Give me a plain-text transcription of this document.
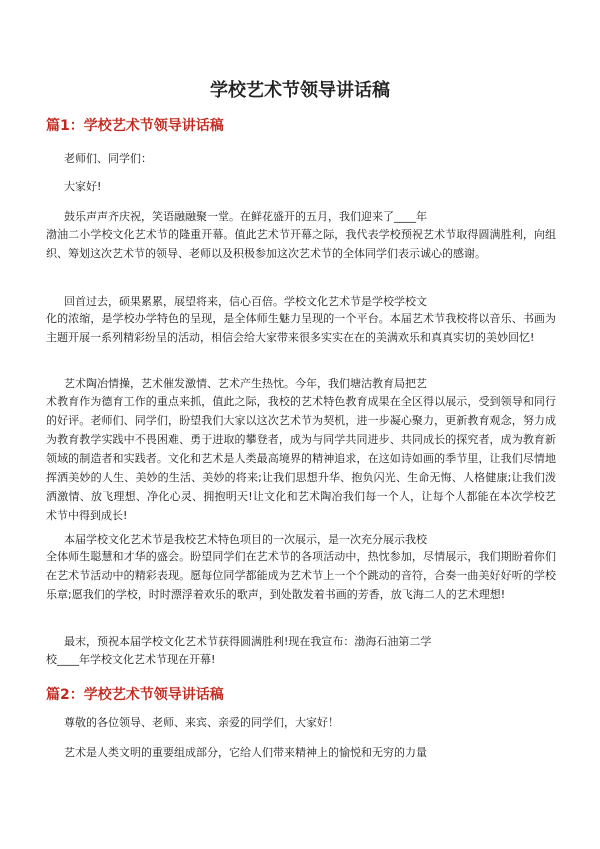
学校艺术节领导讲话稿
篇1：学校艺术节领导讲话稿

老师们、同学们：

大家好!

鼓乐声声齐庆祝，笑语融融聚一堂。在鲜花盛开的五月，我们迎来了____年

渤油二小学校文化艺术节的隆重开幕。值此艺术节开幕之际，我代表学校预祝艺术节取得圆满胜利，向组织、筹划这次艺术节的领导、老师以及积极参加这次艺术节的全体同学们表示诚心的感谢。

回首过去，硕果累累，展望将来，信心百倍。学校文化艺术节是学校学校文

化的浓缩，是学校办学特色的呈现，是全体师生魅力呈现的一个平台。本届艺术节我校将以音乐、书画为主题开展一系列精彩纷呈的活动，相信会给大家带来很多实实在在的美满欢乐和真真实切的美妙回忆!

艺术陶冶情操，艺术催发激情、艺术产生热忱。今年，我们塘沽教育局把艺

术教育作为德育工作的重点来抓，值此之际，我校的艺术特色教育成果在全区得以展示，受到领导和同行的好评。老师们、同学们，盼望我们大家以这次艺术节为契机，进一步凝心聚力，更新教育观念，努力成为教育教学实践中不畏困难、勇于进取的攀登者，成为与同学共同进步、共同成长的探究者，成为教育新领域的制造者和实践者。文化和艺术是人类最高境界的精神追求，在这如诗如画的季节里，让我们尽情地挥洒美妙的人生、美妙的生活、美妙的将来;让我们思想升华、抱负闪光、生命无悔、人格健康;让我们泼洒激情、放飞理想、净化心灵、拥抱明天!让文化和艺术陶冶我们每一个人，让每个人都能在本次学校艺术节中得到成长!

本届学校文化艺术节是我校艺术特色项目的一次展示，是一次充分展示我校

全体师生聪慧和才华的盛会。盼望同学们在艺术节的各项活动中，热忱参加，尽情展示，我们期盼着你们在艺术节活动中的精彩表现。愿每位同学都能成为艺术节上一个个跳动的音符，合奏一曲美好好听的学校乐章;愿我们的学校，时时漂浮着欢乐的歌声，到处散发着书画的芳香，放飞海二人的艺术理想!

最末，预祝本届学校文化艺术节获得圆满胜利!现在我宣布：渤海石油第二学

校____年学校文化艺术节现在开幕!

篇2：学校艺术节领导讲话稿

尊敬的各位领导、老师、来宾、亲爱的同学们，大家好！

艺术是人类文明的重要组成部分，它给人们带来精神上的愉悦和无穷的力量
